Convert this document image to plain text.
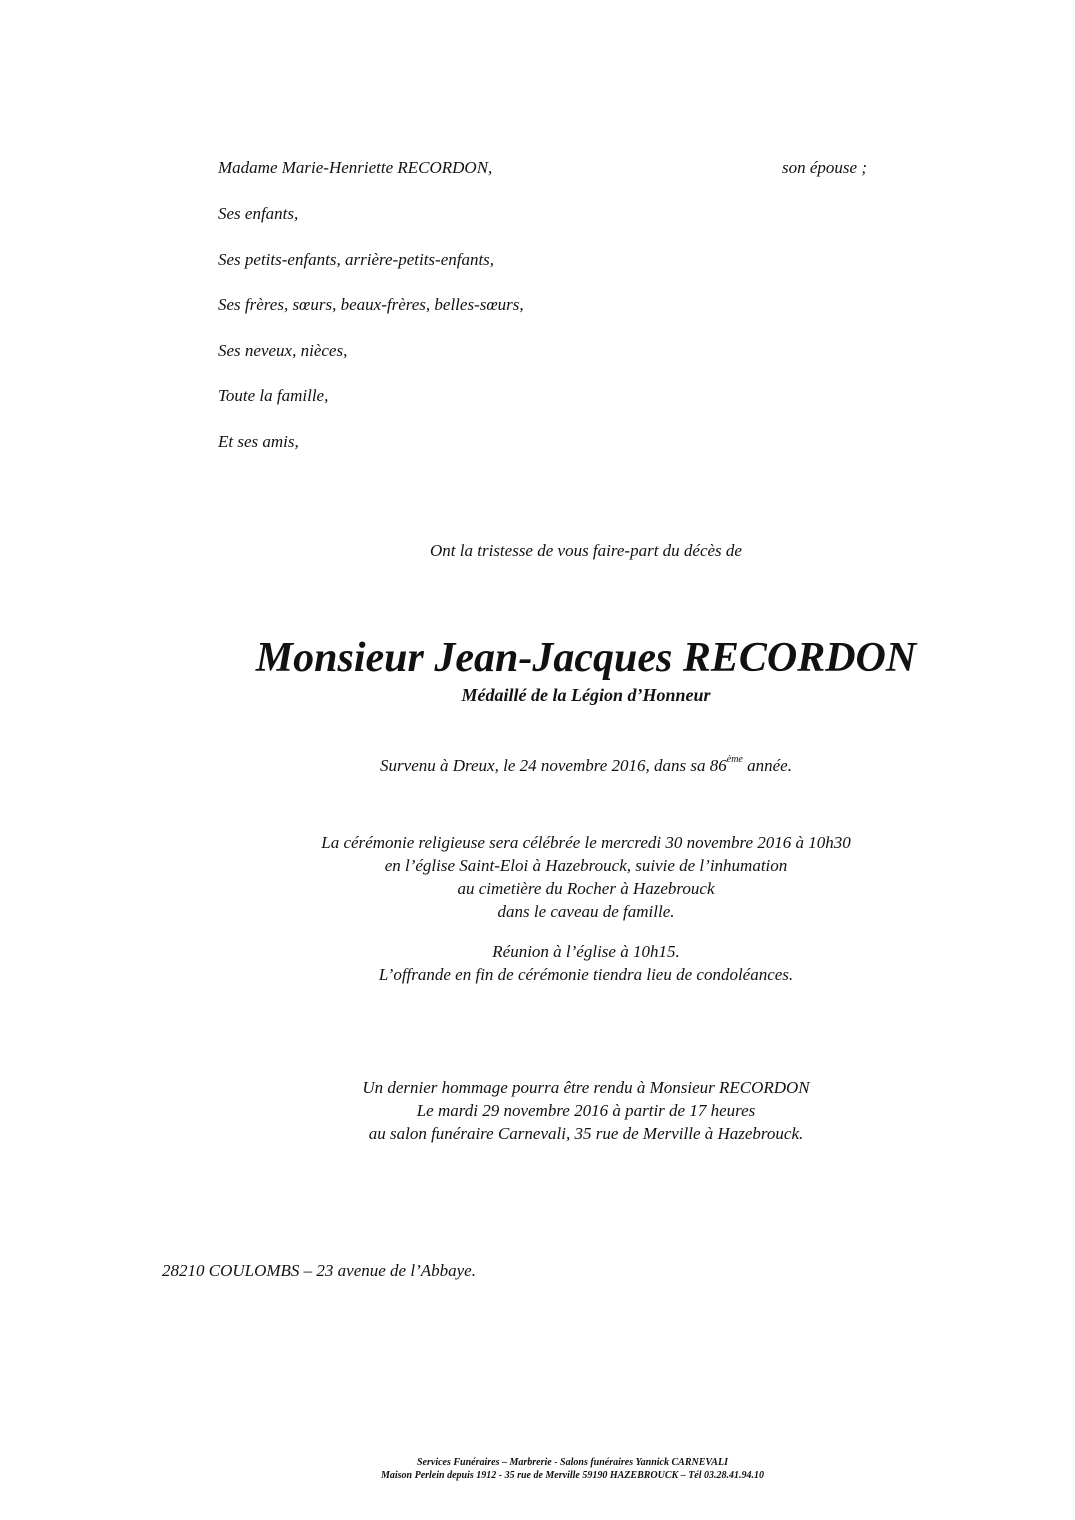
Madame Marie-Henriette RECORDON,	son épouse ;
Ses enfants,
Ses petits-enfants, arrière-petits-enfants,
Ses frères, sœurs, beaux-frères, belles-sœurs,
Ses neveux, nièces,
Toute la famille,
Et ses amis,
Ont la tristesse de vous faire-part du décès de
Monsieur Jean-Jacques RECORDON
Médaillé de la Légion d’Honneur
Survenu à Dreux, le 24 novembre 2016, dans sa 86ème année.
La cérémonie religieuse sera célébrée le mercredi 30 novembre 2016 à 10h30
en l’église Saint-Eloi à Hazebrouck, suivie de l’inhumation
au cimetière du Rocher à Hazebrouck
dans le caveau de famille.
Réunion à l’église à 10h15.
L’offrande en fin de cérémonie tiendra lieu de condoléances.
Un dernier hommage pourra être rendu à Monsieur RECORDON
Le mardi 29 novembre 2016 à partir de 17 heures
au salon funéraire Carnevali, 35 rue de Merville à Hazebrouck.
28210 COULOMBS – 23 avenue de l’Abbaye.
Services Funéraires – Marbrerie - Salons funéraires Yannick CARNEVALI
Maison Perlein depuis 1912 - 35 rue de Merville 59190 HAZEBROUCK – Tél 03.28.41.94.10
